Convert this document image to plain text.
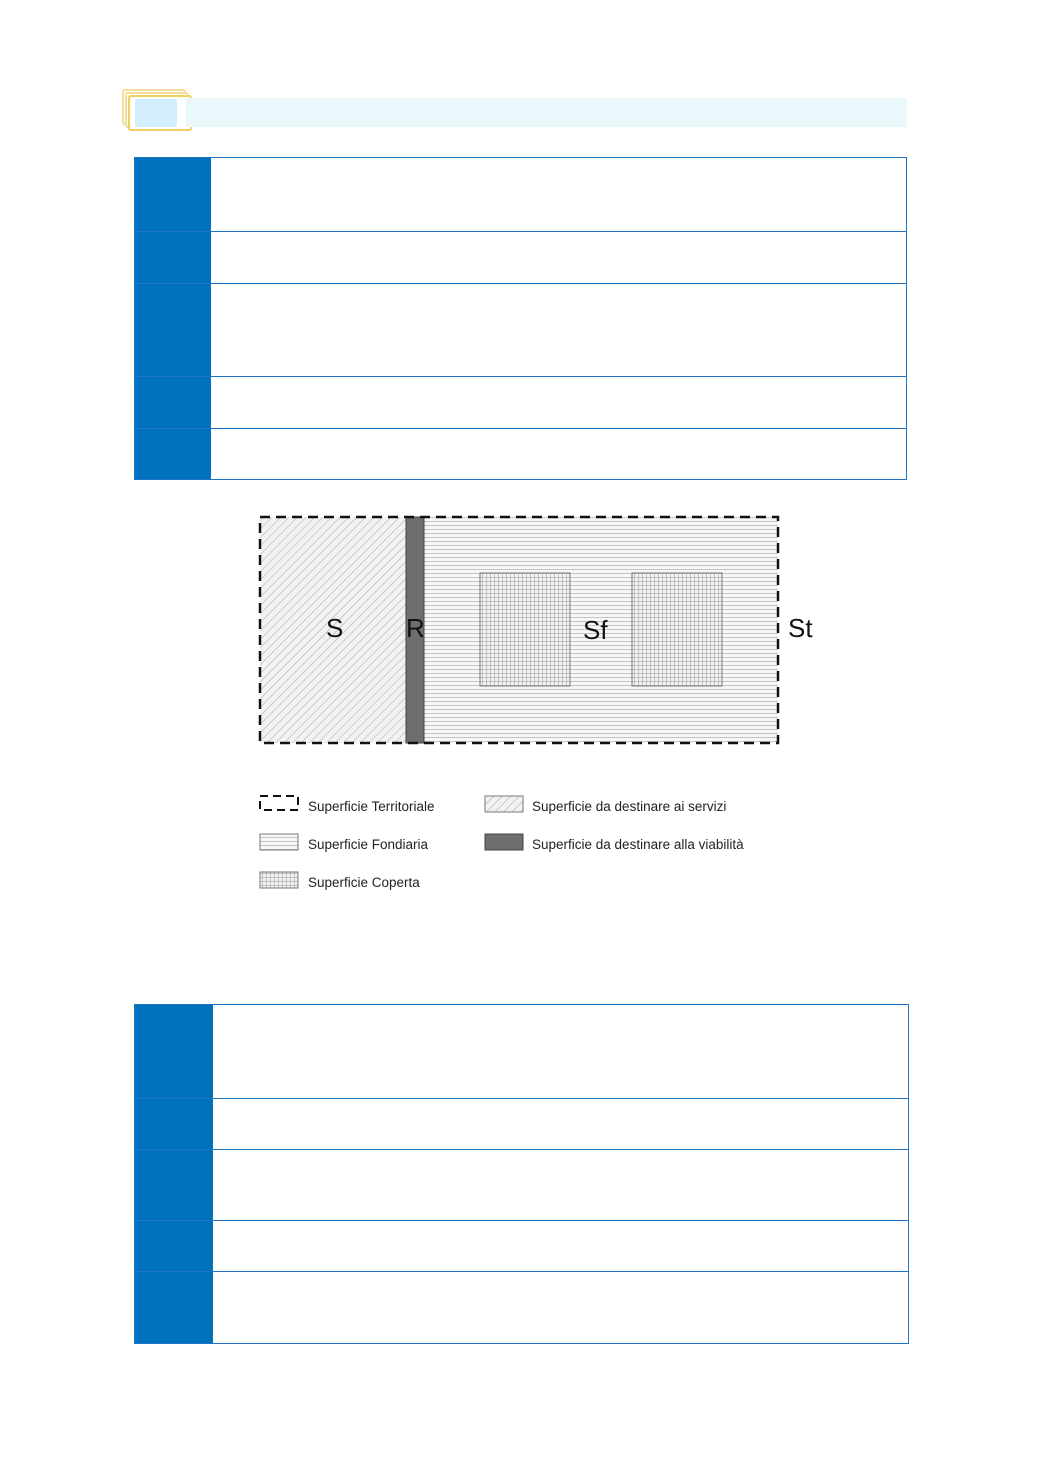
S R	Sf	St
Superficie Territoriale	Superficie da destinare ai servizi
Superficie Fondiaria	Superficie da destinare alla viabilità
Superficie Coperta
